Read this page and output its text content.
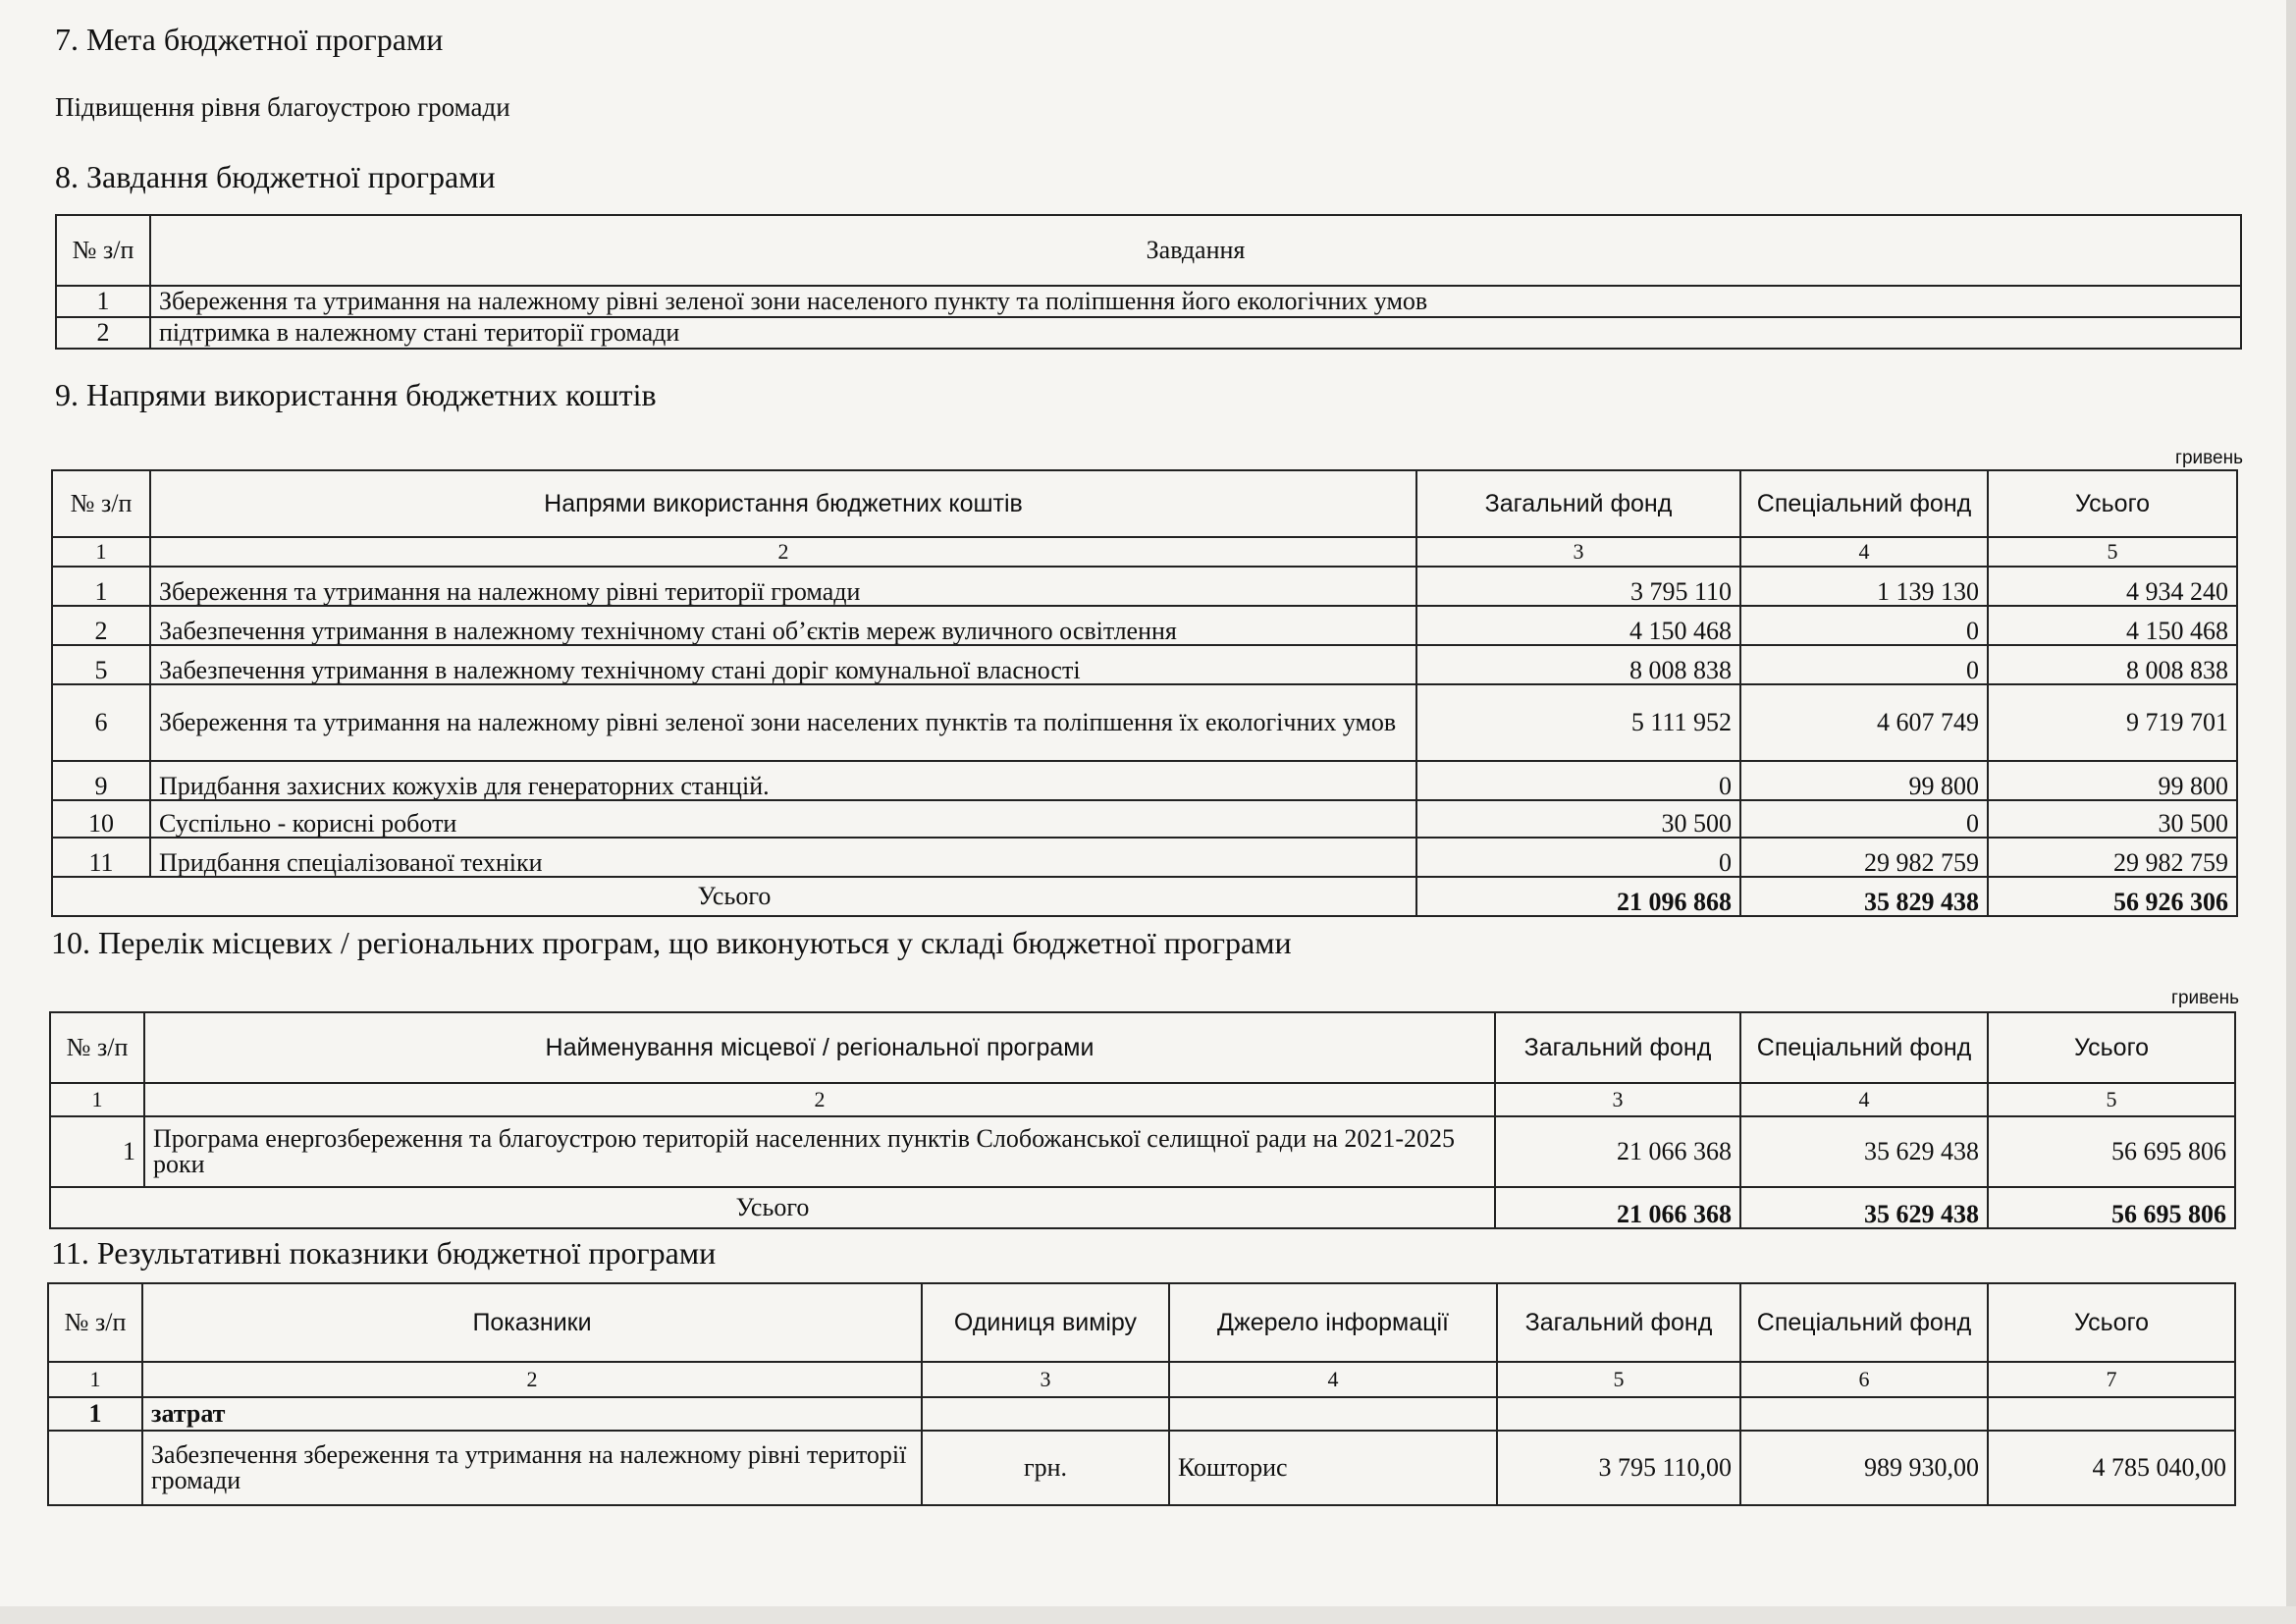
7. Мета бюджетної програми
Підвищення рівня благоустрою громади
8. Завдання бюджетної програми
№ з/п	Завдання
1	Збереження та утримання на належному рівні зеленої зони населеного пункту та поліпшення його екологічних умов
2	підтримка в належному стані території громади
9. Напрями використання бюджетних коштів
гривень
№ з/п	Напрями використання бюджетних коштів	Загальний фонд	Спеціальний фонд	Усього
1	2	3	4	5
1	Збереження та утримання на належному рівні території громади	3 795 110	1 139 130	4 934 240
2	Забезпечення утримання в належному технічному стані об’єктів мереж вуличного освітлення	4 150 468	0	4 150 468
5	Забезпечення утримання в належному технічному стані доріг комунальної власності	8 008 838	0	8 008 838
6	Збереження та утримання на належному рівні зеленої зони населених пунктів та поліпшення їх екологічних умов	5 111 952	4 607 749	9 719 701
9	Придбання захисних кожухів для генераторних станцій.	0	99 800	99 800
10	Суспільно - корисні роботи	30 500	0	30 500
11	Придбання спеціалізованої техніки	0	29 982 759	29 982 759
Усього		21 096 868	35 829 438	56 926 306
10. Перелік місцевих / регіональних програм, що виконуються у складі бюджетної програми
гривень
№ з/п	Найменування місцевої / регіональної програми	Загальний фонд	Спеціальний фонд	Усього
1	2	3	4	5
1	Програма енергозбереження та благоустрою територій населенних пунктів Слобожанської селищної ради на 2021-2025 роки	21 066 368	35 629 438	56 695 806
Усього		21 066 368	35 629 438	56 695 806
11. Результативні показники бюджетної програми
№ з/п	Показники	Одиниця виміру	Джерело інформації	Загальний фонд	Спеціальний фонд	Усього
1	2	3	4	5	6	7
1	затрат					
	Забезпечення збереження та утримання на належному рівні території громади	грн.	Кошторис	3 795 110,00	989 930,00	4 785 040,00
